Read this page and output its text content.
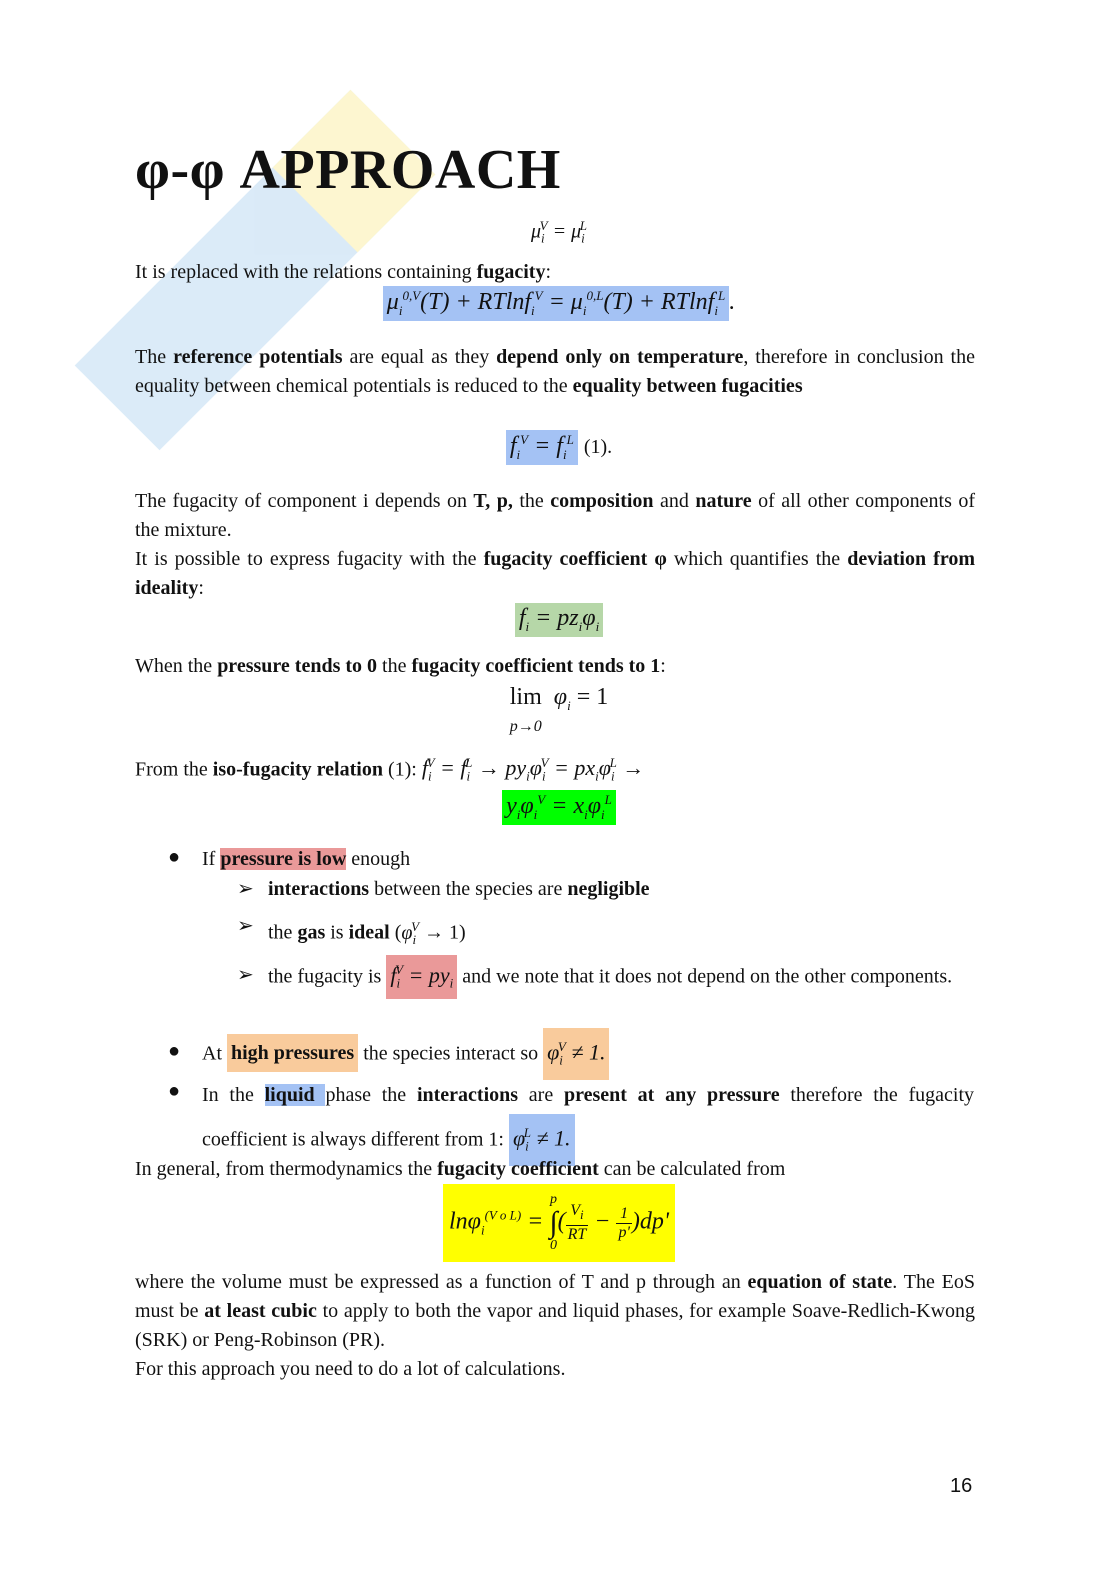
φ-φ APPROACH
$\mu_i^V = \mu_i^L$

It is replaced with the relations containing fugacity:

$\mu_i^{0,V}(T) + RTlnf_i^V = \mu_i^{0,L}(T) + RTlnf_i^L$ .

The reference potentials are equal as they depend only on temperature, therefore in conclusion the equality between chemical potentials is reduced to the equality between fugacities

$f_i^V = f_i^L$ (1).

The fugacity of component i depends on T, p, the composition and nature of all other components of the mixture.

It is possible to express fugacity with the fugacity coefficient φ which quantifies the deviation from ideality:

$f_i = pz_i\varphi_i$

When the pressure tends to 0 the fugacity coefficient tends to 1:

lim
p→0  $\varphi_i = 1$

From the iso-fugacity relation (1): $f_i^V = f_i^L \to py_i\varphi_i^V = px_i\varphi_i^L$ →

$y_i\varphi_i^V = x_i\varphi_i^L$
● If pressure is low enough

➢ interactions between the species are negligible

➢ the gas is ideal $(\varphi_i^V \to 1)$

➢ the fugacity is $f_i^V = py_i$ and we note that it does not depend on the other components.

● At high pressures the species interact so $\varphi_i^V \ne 1$.

● In the liquid phase the interactions are present at any pressure therefore the fugacity coefficient is always different from 1: $\varphi_i^L \ne 1$.

In general, from thermodynamics the fugacity coefficient can be calculated from

lnφ$_i^{(V o L)}$ = p
∫
$0( \frac{V_i}{RT} - \frac{1}{p'} )dp'$

where the volume must be expressed as a function of T and p through an equation of state. The EoS must be at least cubic to apply to both the vapor and liquid phases, for example Soave-Redlich-Kwong (SRK) or Peng-Robinson (PR).
For this approach you need to do a lot of calculations.

16
